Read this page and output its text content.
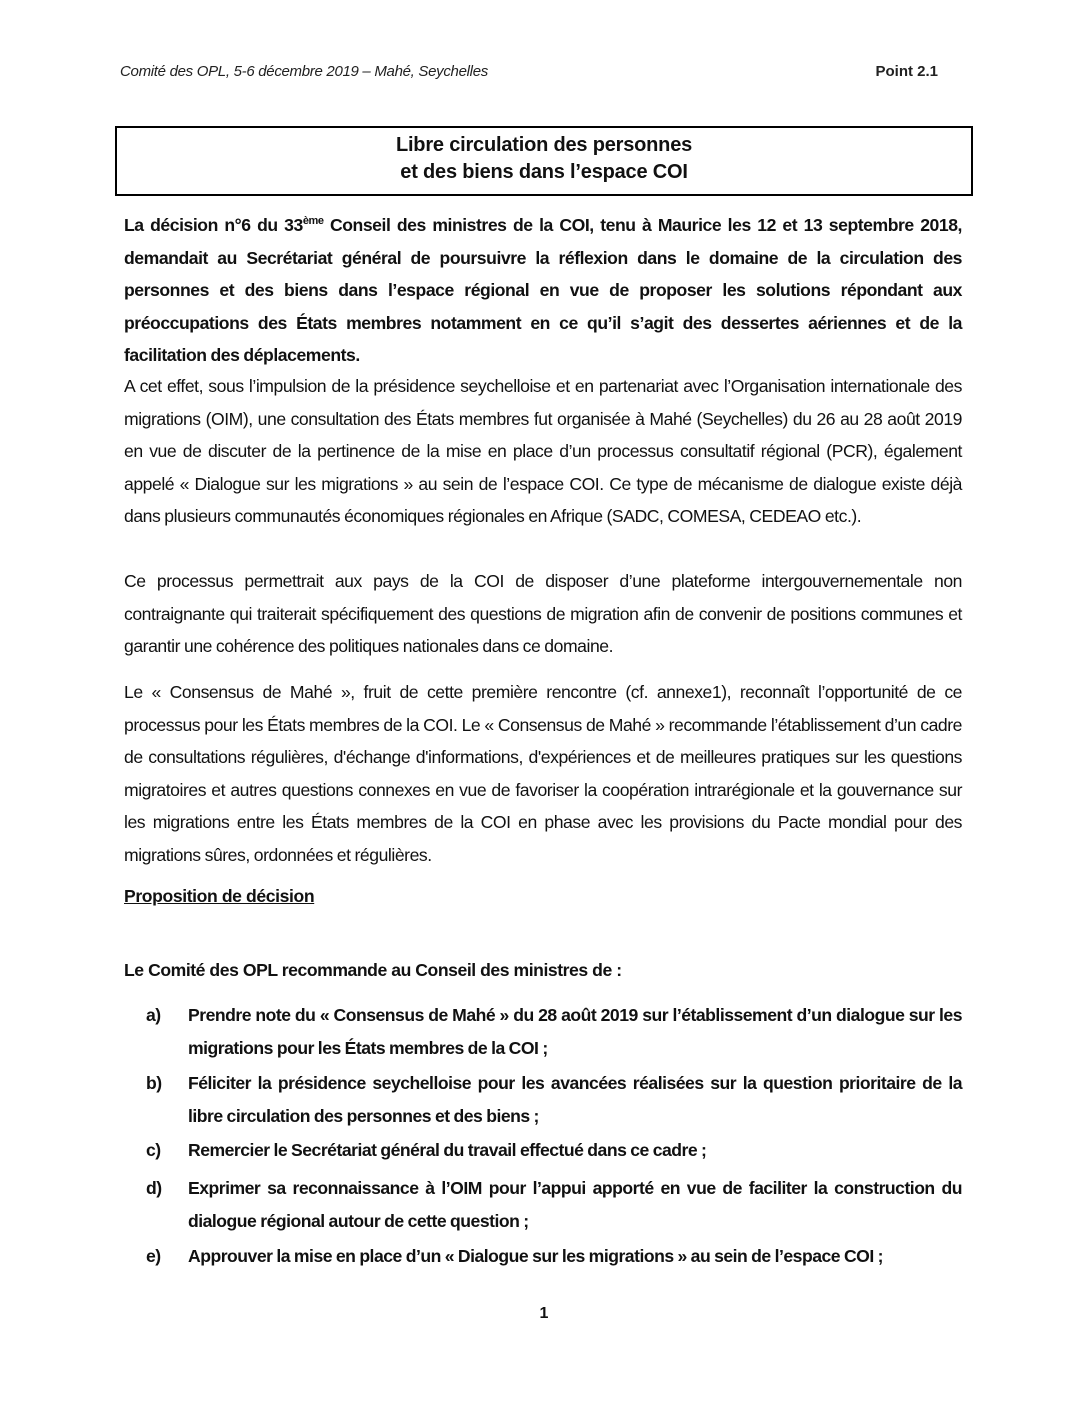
Comité des OPL, 5-6 décembre 2019 – Mahé, Seychelles	Point 2.1
Libre circulation des personnes
et des biens dans l’espace COI
La décision n°6 du 33ème Conseil des ministres de la COI, tenu à Maurice les 12 et 13 septembre 2018, demandait au Secrétariat général de poursuivre la réflexion dans le domaine de la circulation des personnes et des biens dans l’espace régional en vue de proposer les solutions répondant aux préoccupations des États membres notamment en ce qu’il s’agit des dessertes aériennes et de la facilitation des déplacements.
A cet effet, sous l’impulsion de la présidence seychelloise et en partenariat avec l’Organisation internationale des migrations (OIM), une consultation des États membres fut organisée à Mahé (Seychelles) du 26 au 28 août 2019 en vue de discuter de la pertinence de la mise en place d’un processus consultatif régional (PCR), également appelé « Dialogue sur les migrations » au sein de l’espace COI. Ce type de mécanisme de dialogue existe déjà dans plusieurs communautés économiques régionales en Afrique (SADC, COMESA, CEDEAO etc.).
Ce processus permettrait aux pays de la COI de disposer d’une plateforme intergouvernementale non contraignante qui traiterait spécifiquement des questions de migration afin de convenir de positions communes et garantir une cohérence des politiques nationales dans ce domaine.
Le « Consensus de Mahé », fruit de cette première rencontre (cf. annexe1), reconnaît l’opportunité de ce processus pour les États membres de la COI. Le « Consensus de Mahé » recommande l’établissement d’un cadre de consultations régulières, d'échange d'informations, d'expériences et de meilleures pratiques sur les questions migratoires et autres questions connexes en vue de favoriser la coopération intrarégionale et la gouvernance sur les migrations entre les États membres de la COI en phase avec les provisions du Pacte mondial pour des migrations sûres, ordonnées et régulières.
Proposition de décision
Le Comité des OPL recommande au Conseil des ministres de :
a)	Prendre note du « Consensus de Mahé » du 28 août 2019 sur l’établissement d’un dialogue sur les migrations pour les États membres de la COI ;
b)	Féliciter la présidence seychelloise pour les avancées réalisées sur la question prioritaire de la libre circulation des personnes et des biens ;
c)	Remercier le Secrétariat général du travail effectué dans ce cadre ;
d)	Exprimer sa reconnaissance à l’OIM pour l’appui apporté en vue de faciliter la construction du dialogue régional autour de cette question ;
e)	Approuver la mise en place d’un « Dialogue sur les migrations » au sein de l’espace COI ;
1
